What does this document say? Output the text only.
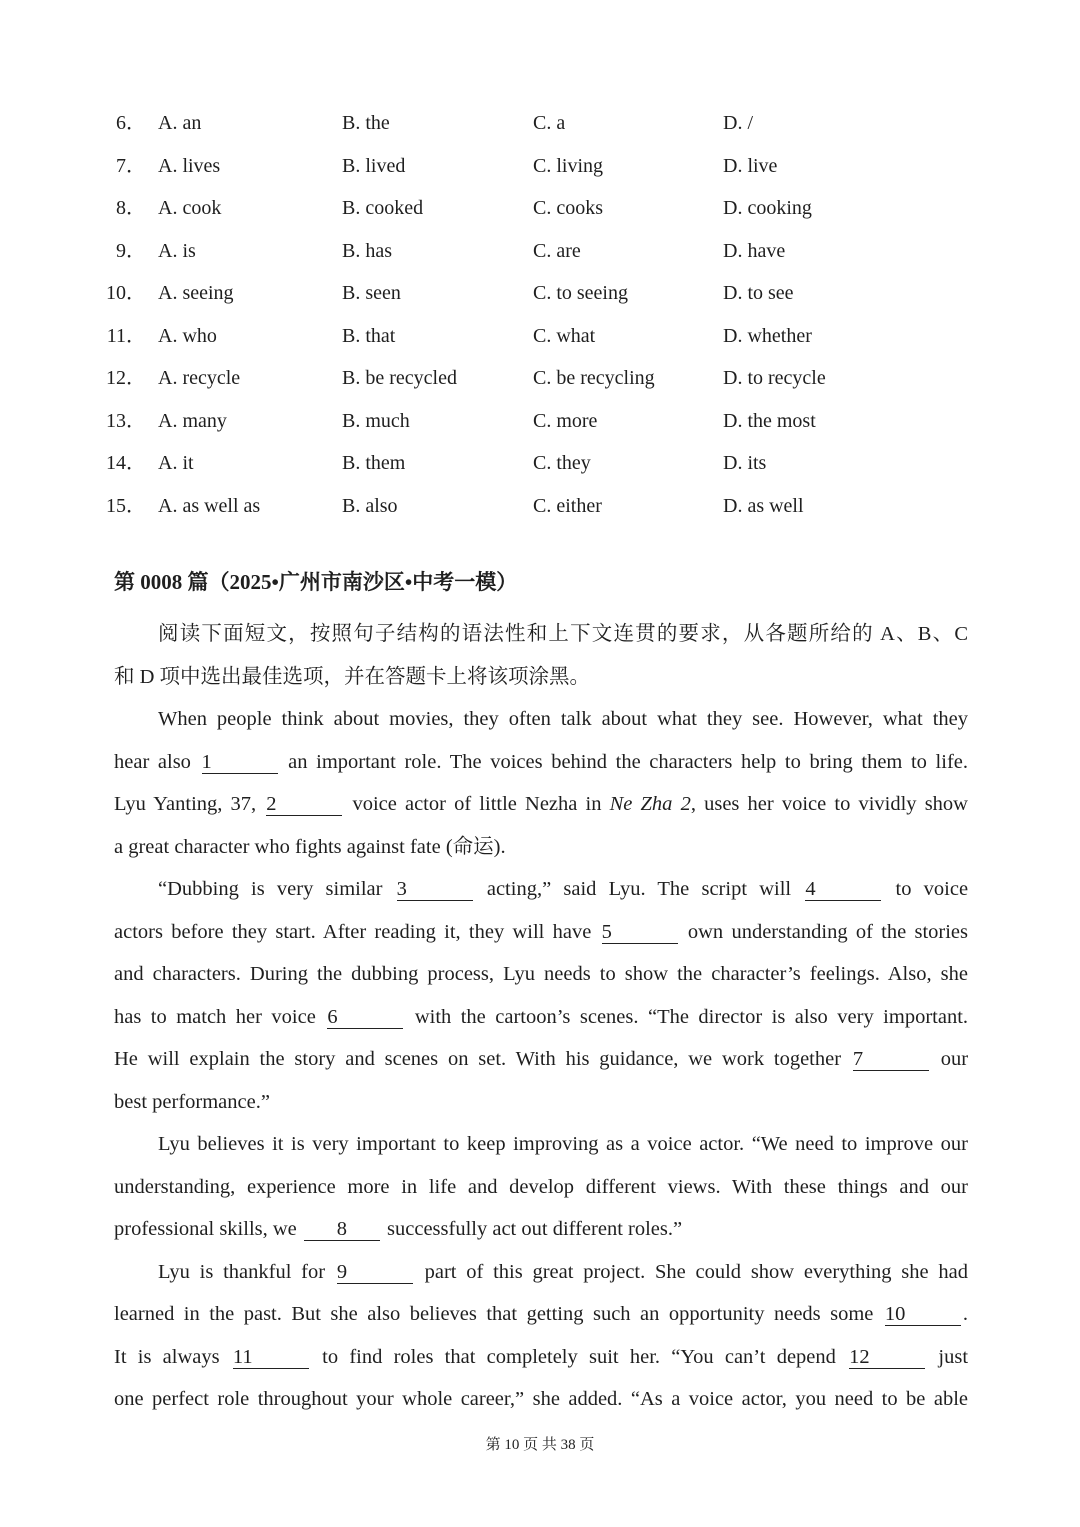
6． A. an	B. the	C. a	D. /
7． A. lives	B. lived	C. living	D. live
8． A. cook	B. cooked	C. cooks	D. cooking
9． A. is	B. has	C. are	D. have
10． A. seeing	B. seen	C. to seeing	D. to see
11． A. who	B. that	C. what	D. whether
12． A. recycle	B. be recycled	C. be recycling	D. to recycle
13． A. many	B. much	C. more	D. the most
14． A. it	B. them	C. they	D. its
15． A. as well as	B. also	C. either	D. as well
第 0008 篇（2025•广州市南沙区•中考一模）
阅读下面短文，按照句子结构的语法性和上下文连贯的要求，从各题所给的 A、B、C
和 D 项中选出最佳选项，并在答题卡上将该项涂黑。
When people think about movies, they often talk about what they see. However, what they
hear also 1	an important role. The voices behind the characters help to bring them to life.
Lyu Yanting, 37, 2	voice actor of little Nezha in Ne Zha 2, uses her voice to vividly show
a great character who fights against fate (命运).
“Dubbing is very similar 3	acting,” said Lyu. The script will 4	to voice
actors before they start. After reading it, they will have 5	own understanding of the stories
and characters. During the dubbing process, Lyu needs to show the character’s feelings. Also, she
has to match her voice 6	with the cartoon’s scenes. “The director is also very important.
He will explain the story and scenes on set. With his guidance, we work together 7	our
best performance.”
Lyu believes it is very important to keep improving as a voice actor. “We need to improve our
understanding, experience more in life and develop different views. With these things and our
professional skills, we 8 successfully act out different roles.”
Lyu is thankful for 9	part of this great project. She could show everything she had
learned in the past. But she also believes that getting such an opportunity needs some 10	.
It is always 11	to find roles that completely suit her. “You can’t depend 12	just
one perfect role throughout your whole career,” she added. “As a voice actor, you need to be able
第 10 页 共 38 页
